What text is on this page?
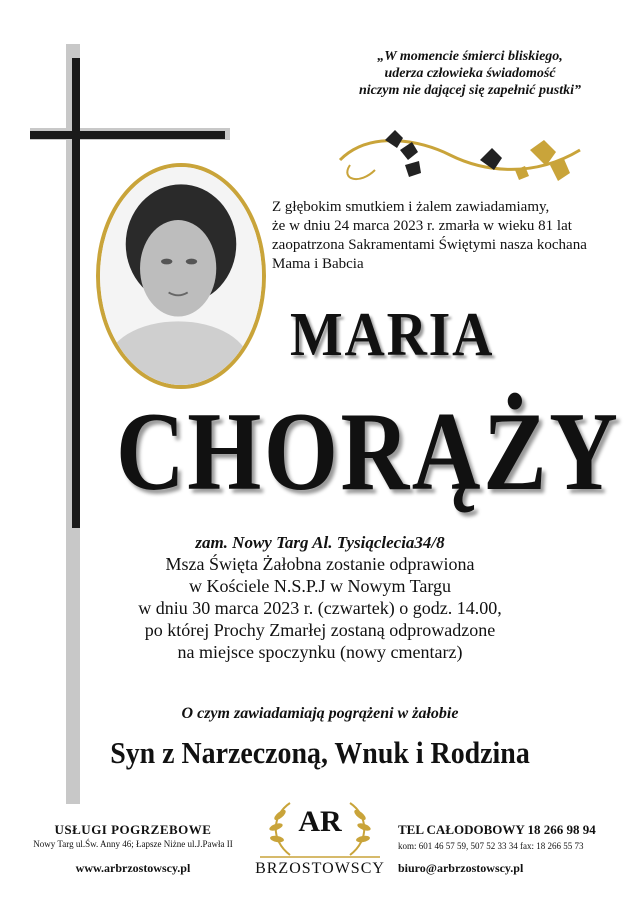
„W momencie śmierci bliskiego,
uderza człowieka świadomość
niczym nie dającej się zapełnić pustki”
Z głębokim smutkiem i żalem zawiadamiamy,
że w dniu 24 marca 2023 r. zmarła w wieku 81 lat
zaopatrzona Sakramentami Świętymi nasza kochana
Mama i Babcia
MARIA
CHORĄŻY
zam. Nowy Targ Al. Tysiąclecia34/8
Msza Święta Żałobna zostanie odprawiona
w Kościele N.S.P.J w Nowym Targu
w dniu 30 marca 2023 r. (czwartek) o godz. 14.00,
po której Prochy Zmarłej zostaną odprowadzone
na miejsce spoczynku (nowy cmentarz)
O czym zawiadamiają pogrążeni w żałobie
Syn z Narzeczoną, Wnuk i Rodzina
USŁUGI POGRZEBOWE
Nowy Targ ul.Św. Anny 46; Łapsze Niżne ul.J.Pawła II
www.arbrzostowscy.pl
AR
BRZOSTOWSCY
TEL CAŁODOBOWY 18 266 98 94
kom: 601 46 57 59, 507 52 33 34 fax: 18 266 55 73
biuro@arbrzostowscy.pl
